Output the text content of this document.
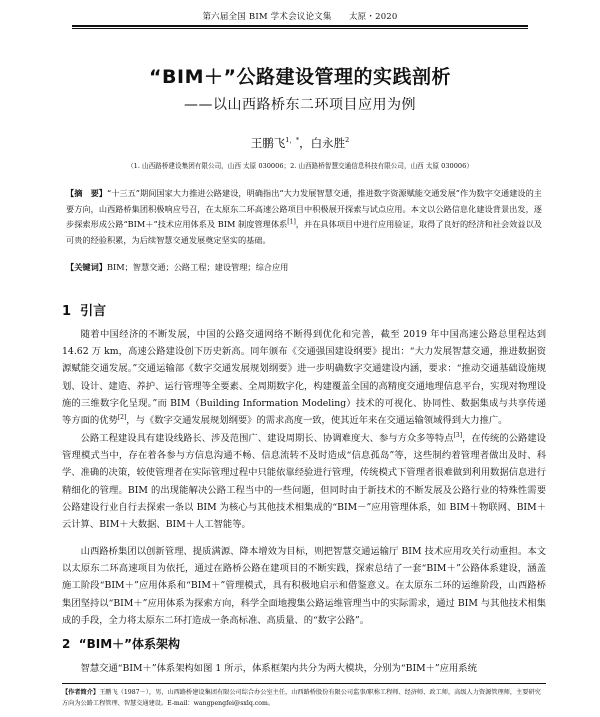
第六届全国 BIM 学术会议论文集　　太原・2020
“BIM＋”公路建设管理的实践剖析
——以山西路桥东二环项目应用为例
王鹏飞$^{1,*}$，白永胜$^2$
（1. 山西路桥建设集团有限公司，山西 太原 030006；2. 山西路桥智慧交通信息科技有限公司，山西 太原 030006）
【摘　要】“十三五”期间国家大力推进公路建设，明确指出“大力发展智慧交通，推进数字资源赋能交通发展”作为数字交通建设的主要方向，山西路桥集团积极响应号召，在太原东二环高速公路项目中积极展开探索与试点应用。本文以公路信息化建设背景出发，逐步探索形成公路“BIM＋”技术应用体系及 BIM 制度管理体系[1]，并在具体项目中进行应用验证，取得了良好的经济和社会效益以及可贵的经验积累，为后续智慧交通发展奠定坚实的基础。
【关键词】BIM；智慧交通；公路工程；建设管理；综合应用
1 引言

随着中国经济的不断发展，中国的公路交通网络不断得到优化和完善，截至 2019 年中国高速公路总里程达到 14.62 万 km，高速公路建设创下历史新高。同年颁布《交通强国建设纲要》提出：“大力发展智慧交通，推进数据资源赋能交通发展。”交通运输部《数字交通发展规划纲要》进一步明确数字交通建设内涵，要求：“推动交通基础设施规划、设计、建造、养护、运行管理等全要素、全周期数字化，构建覆盖全国的高精度交通地理信息平台，实现对物理设施的三维数字化呈现。”而 BIM（Building Information Modeling）技术的可视化、协同性、数据集成与共享传递等方面的优势[2]，与《数字交通发展规划纲要》的需求高度一致，使其近年来在交通运输领域得到大力推广。

公路工程建设具有建设线路长、涉及范围广、建设周期长、协调难度大、参与方众多等特点[3]，在传统的公路建设管理模式当中，存在着各参与方信息沟通不畅、信息流转不及时造成“信息孤岛”等，这些制约着管理者做出及时、科学、准确的决策，较使管理者在实际管理过程中只能依靠经验进行管理，传统模式下管理者很难做到利用数据信息进行精细化的管理。BIM 的出现能解决公路工程当中的一些问题，但同时由于新技术的不断发展及公路行业的特殊性需要公路建设行业自行去探索一条以 BIM 为核心与其他技术相集成的“BIM－”应用管理体系，如 BIM＋物联网、BIM＋云计算、BIM＋大数据、BIM＋人工智能等。

山西路桥集团以创新管理、提质满源、降本增效为目标，则把智慧交通运输厅 BIM 技术应用攻关行动重担。本文以太原东二环高速项目为依托，通过在路桥公路在建项目的不断实践，探索总结了一套“BIM＋”公路体系建设，涵盖施工阶段“BIM＋”应用体系和“BIM＋”管理模式，具有积极地启示和借鉴意义。在太原东二环的运维阶段，山西路桥集团坚持以“BIM＋”应用体系为探索方向，科学全面地搜集公路运维管理当中的实际需求，通过 BIM 与其他技术相集成的手段，全力将太原东二环打造成一条高标准、高质量、的“数字公路”。

2 “BIM＋”体系架构

智慧交通“BIM＋”体系架构如图 1 所示，体系框架内共分为两大模块，分别为“BIM＋”应用系统

【作者简介】王鹏飞（1987－），男，山西路桥建设集团有限公司综合办公室主任，山西路桥股份有限公司监事/职称工程师、经济师、政工师，高级人力资源管理师，主要研究方向为公路工程管理、智慧交通建设。E-mail：wangpengfei@sxlq.com。
